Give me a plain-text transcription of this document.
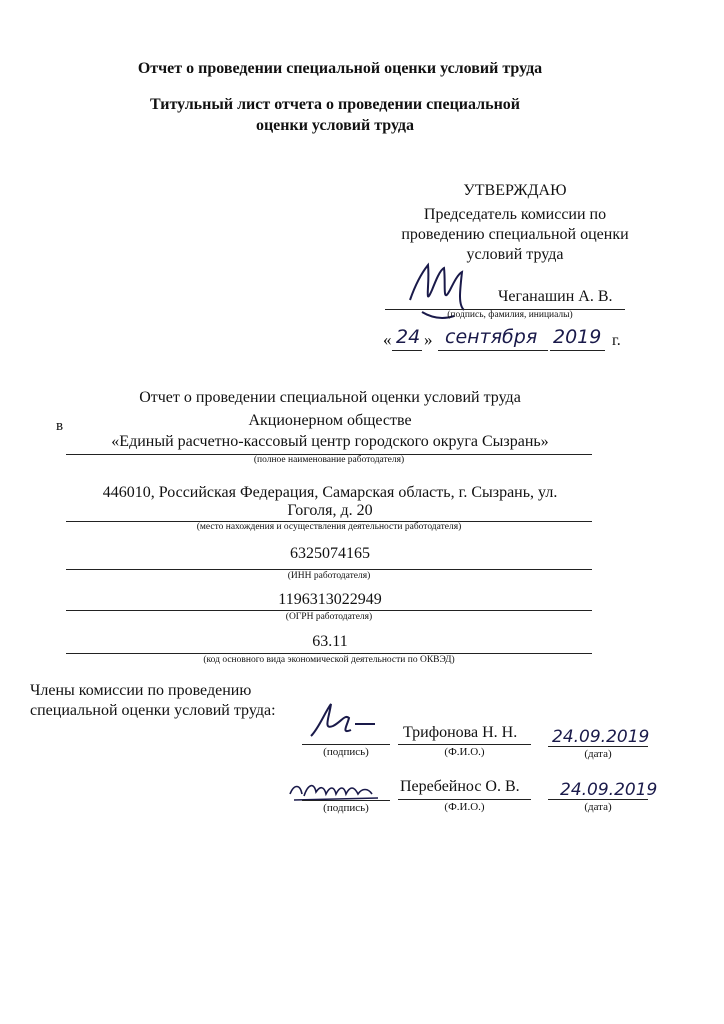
Отчет о проведении специальной оценки условий труда
Титульный лист отчета о проведении специальной
оценки условий труда
УТВЕРЖДАЮ
Председатель комиссии по
проведению специальной оценки
условий труда
Чеганашин А. В.
(подпись, фамилия, инициалы)
« 24 » сентября 2019 г.
Отчет о проведении специальной оценки условий труда
в	Акционерном обществе
«Единый расчетно-кассовый центр городского округа Сызрань»
(полное наименование работодателя)
446010, Российская Федерация, Самарская область, г. Сызрань, ул.
Гоголя, д. 20
(место нахождения и осуществления деятельности работодателя)
6325074165
(ИНН работодателя)
1196313022949
(ОГРН работодателя)
63.11
(код основного вида экономической деятельности по ОКВЭД)
Члены комиссии по проведению
специальной оценки условий труда:
(подпись)
Трифонова Н. Н.
(Ф.И.О.)
24.09.2019
(дата)
(подпись)
Перебейнос О. В.
(Ф.И.О.)
24.09.2019
(дата)
